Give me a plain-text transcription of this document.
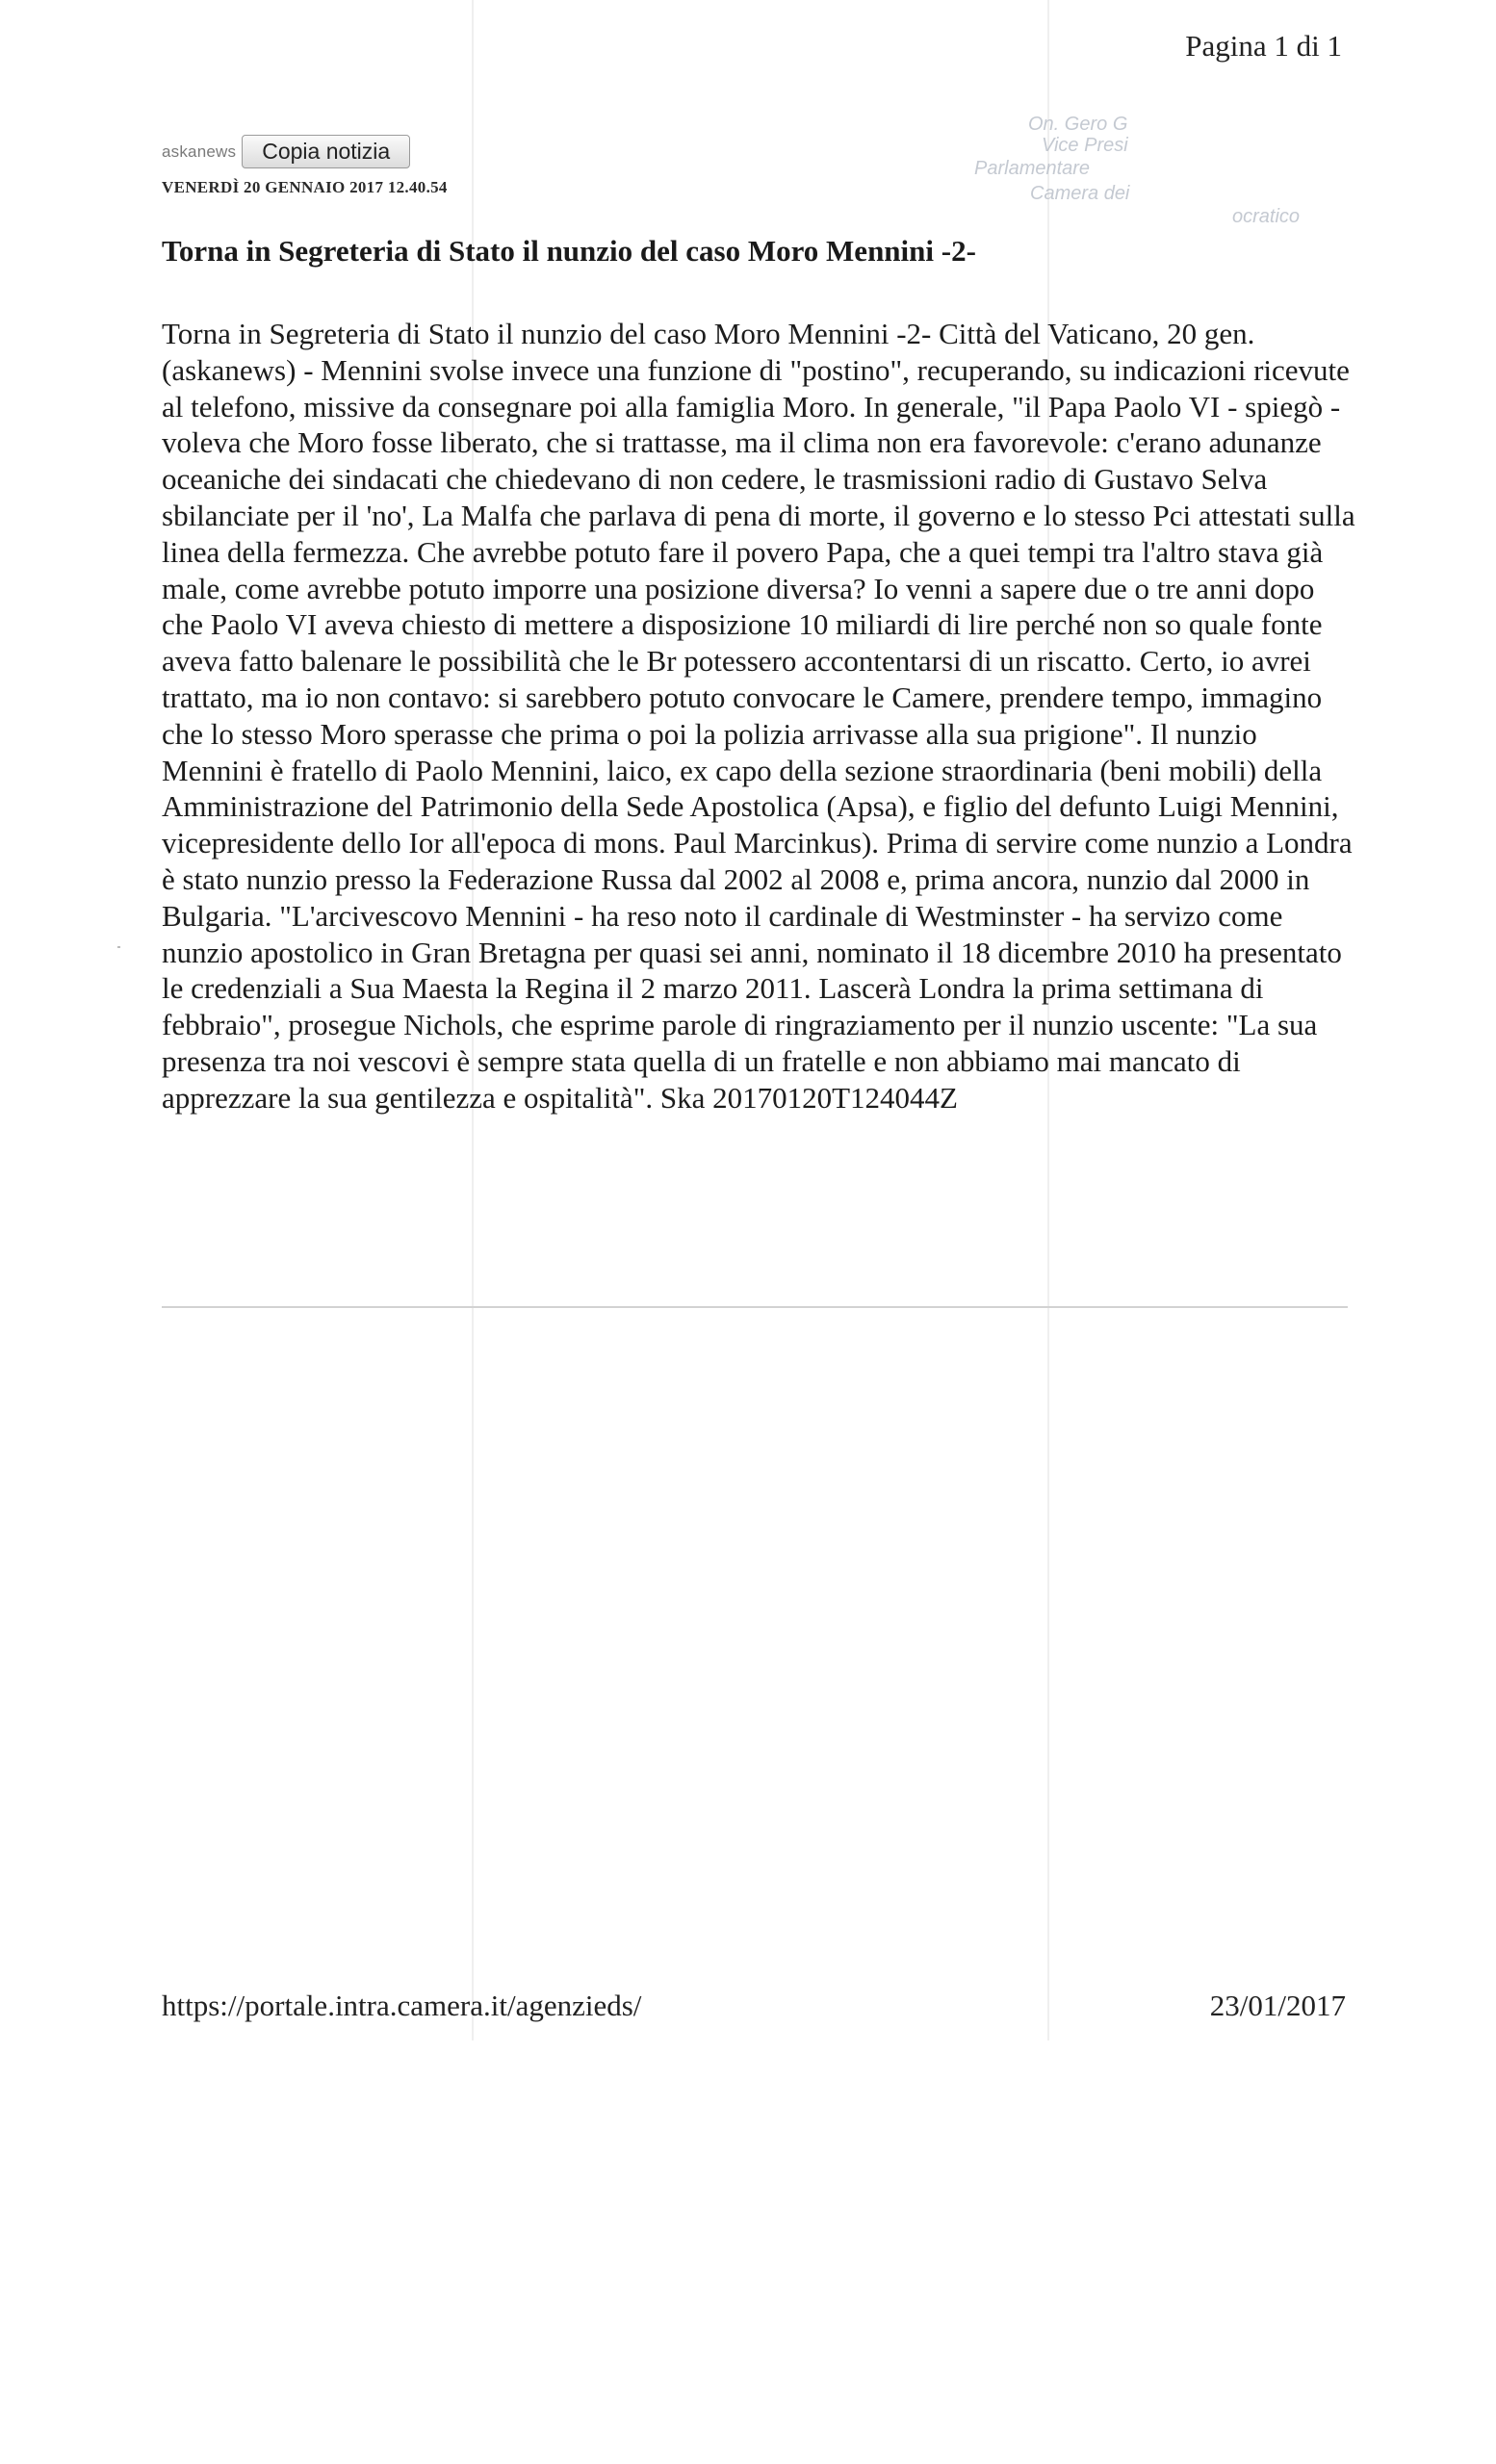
Pagina 1 di 1
askanews	Copia notizia
VENERDÌ 20 GENNAIO 2017 12.40.54
On. Gero G
Vice Presi
Parlamentare
Camera dei
ocratico
Torna in Segreteria di Stato il nunzio del caso Moro Mennini -2-

Torna in Segreteria di Stato il nunzio del caso Moro Mennini -2- Città del Vaticano, 20 gen. (askanews) - Mennini svolse invece una funzione di "postino", recuperando, su indicazioni ricevute al telefono, missive da consegnare poi alla famiglia Moro. In generale, "il Papa Paolo VI - spiegò - voleva che Moro fosse liberato, che si trattasse, ma il clima non era favorevole: c'erano adunanze oceaniche dei sindacati che chiedevano di non cedere, le trasmissioni radio di Gustavo Selva sbilanciate per il 'no', La Malfa che parlava di pena di morte, il governo e lo stesso Pci attestati sulla linea della fermezza. Che avrebbe potuto fare il povero Papa, che a quei tempi tra l'altro stava già male, come avrebbe potuto imporre una posizione diversa? Io venni a sapere due o tre anni dopo che Paolo VI aveva chiesto di mettere a disposizione 10 miliardi di lire perché non so quale fonte aveva fatto balenare le possibilità che le Br potessero accontentarsi di un riscatto. Certo, io avrei trattato, ma io non contavo: si sarebbero potuto convocare le Camere, prendere tempo, immagino che lo stesso Moro sperasse che prima o poi la polizia arrivasse alla sua prigione". Il nunzio Mennini è fratello di Paolo Mennini, laico, ex capo della sezione straordinaria (beni mobili) della Amministrazione del Patrimonio della Sede Apostolica (Apsa), e figlio del defunto Luigi Mennini, vicepresidente dello Ior all'epoca di mons. Paul Marcinkus). Prima di servire come nunzio a Londra è stato nunzio presso la Federazione Russa dal 2002 al 2008 e, prima ancora, nunzio dal 2000 in Bulgaria. "L'arcivescovo Mennini - ha reso noto il cardinale di Westminster - ha servizo come nunzio apostolico in Gran Bretagna per quasi sei anni, nominato il 18 dicembre 2010 ha presentato le credenziali a Sua Maesta la Regina il 2 marzo 2011. Lascerà Londra la prima settimana di febbraio", prosegue Nichols, che esprime parole di ringraziamento per il nunzio uscente: "La sua presenza tra noi vescovi è sempre stata quella di un fratelle e non abbiamo mai mancato di apprezzare la sua gentilezza e ospitalità". Ska 20170120T124044Z

https://portale.intra.camera.it/agenzieds/	23/01/2017
